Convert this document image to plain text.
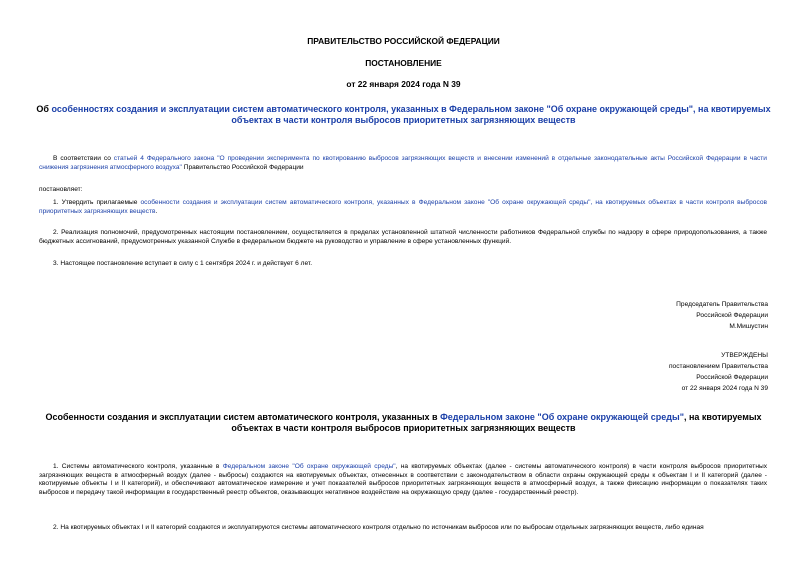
ПРАВИТЕЛЬСТВО РОССИЙСКОЙ ФЕДЕРАЦИИ
ПОСТАНОВЛЕНИЕ
от 22 января 2024 года N 39
Об особенностях создания и эксплуатации систем автоматического контроля, указанных в Федеральном законе "Об охране окружающей среды", на квотируемых объектах в части контроля выбросов приоритетных загрязняющих веществ
В соответствии со статьей 4 Федерального закона "О проведении эксперимента по квотированию выбросов загрязняющих веществ и внесении изменений в отдельные законодательные акты Российской Федерации в части снижения загрязнения атмосферного воздуха" Правительство Российской Федерации
постановляет:
1. Утвердить прилагаемые особенности создания и эксплуатации систем автоматического контроля, указанных в Федеральном законе "Об охране окружающей среды", на квотируемых объектах в части контроля выбросов приоритетных загрязняющих веществ.
2. Реализация полномочий, предусмотренных настоящим постановлением, осуществляется в пределах установленной штатной численности работников Федеральной службы по надзору в сфере природопользования, а также бюджетных ассигнований, предусмотренных указанной Службе в федеральном бюджете на руководство и управление в сфере установленных функций.
3. Настоящее постановление вступает в силу с 1 сентября 2024 г. и действует 6 лет.
Председатель Правительства
Российской Федерации
М.Мишустин
УТВЕРЖДЕНЫ
постановлением Правительства
Российской Федерации
от 22 января 2024 года N 39
Особенности создания и эксплуатации систем автоматического контроля, указанных в Федеральном законе "Об охране окружающей среды", на квотируемых объектах в части контроля выбросов приоритетных загрязняющих веществ
1. Системы автоматического контроля, указанные в Федеральном законе "Об охране окружающей среды", на квотируемых объектах (далее - системы автоматического контроля) в части контроля выбросов приоритетных загрязняющих веществ в атмосферный воздух (далее - выбросы) создаются на квотируемых объектах, отнесенных в соответствии с законодательством в области охраны окружающей среды к объектам I и II категорий (далее - квотируемые объекты I и II категорий), и обеспечивают автоматическое измерение и учет показателей выбросов приоритетных загрязняющих веществ в атмосферный воздух, а также фиксацию информации о показателях таких выбросов и передачу такой информации в государственный реестр объектов, оказывающих негативное воздействие на окружающую среду (далее - государственный реестр).
2. На квотируемых объектах I и II категорий создаются и эксплуатируются системы автоматического контроля отдельно по источникам выбросов или по выбросам отдельных загрязняющих веществ, либо единая
